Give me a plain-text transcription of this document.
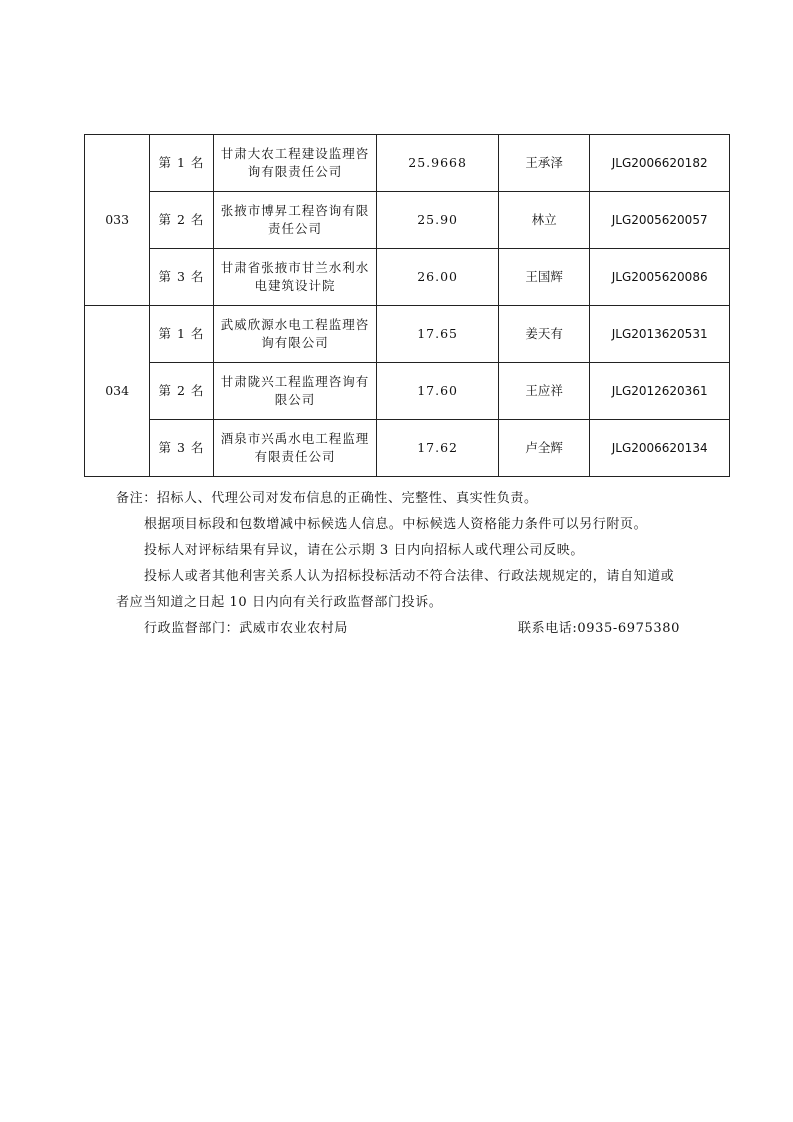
033	第 1 名	甘肃大农工程建设监理咨询有限责任公司	25.9668	王承泽	JLG2006620182
	第 2 名	张掖市博昇工程咨询有限责任公司	25.90	林立	JLG2005620057
	第 3 名	甘肃省张掖市甘兰水利水电建筑设计院	26.00	王国辉	JLG2005620086
034	第 1 名	武威欣源水电工程监理咨询有限公司	17.65	姜天有	JLG2013620531
	第 2 名	甘肃陇兴工程监理咨询有限公司	17.60	王应祥	JLG2012620361
	第 3 名	酒泉市兴禹水电工程监理有限责任公司	17.62	卢全辉	JLG2006620134

备注：招标人、代理公司对发布信息的正确性、完整性、真实性负责。

根据项目标段和包数增减中标候选人信息。中标候选人资格能力条件可以另行附页。

投标人对评标结果有异议，请在公示期 3 日内向招标人或代理公司反映。

投标人或者其他利害关系人认为招标投标活动不符合法律、行政法规规定的，请自知道或

者应当知道之日起 10 日内向有关行政监督部门投诉。

行政监督部门：武威市农业农村局	联系电话:0935-6975380
